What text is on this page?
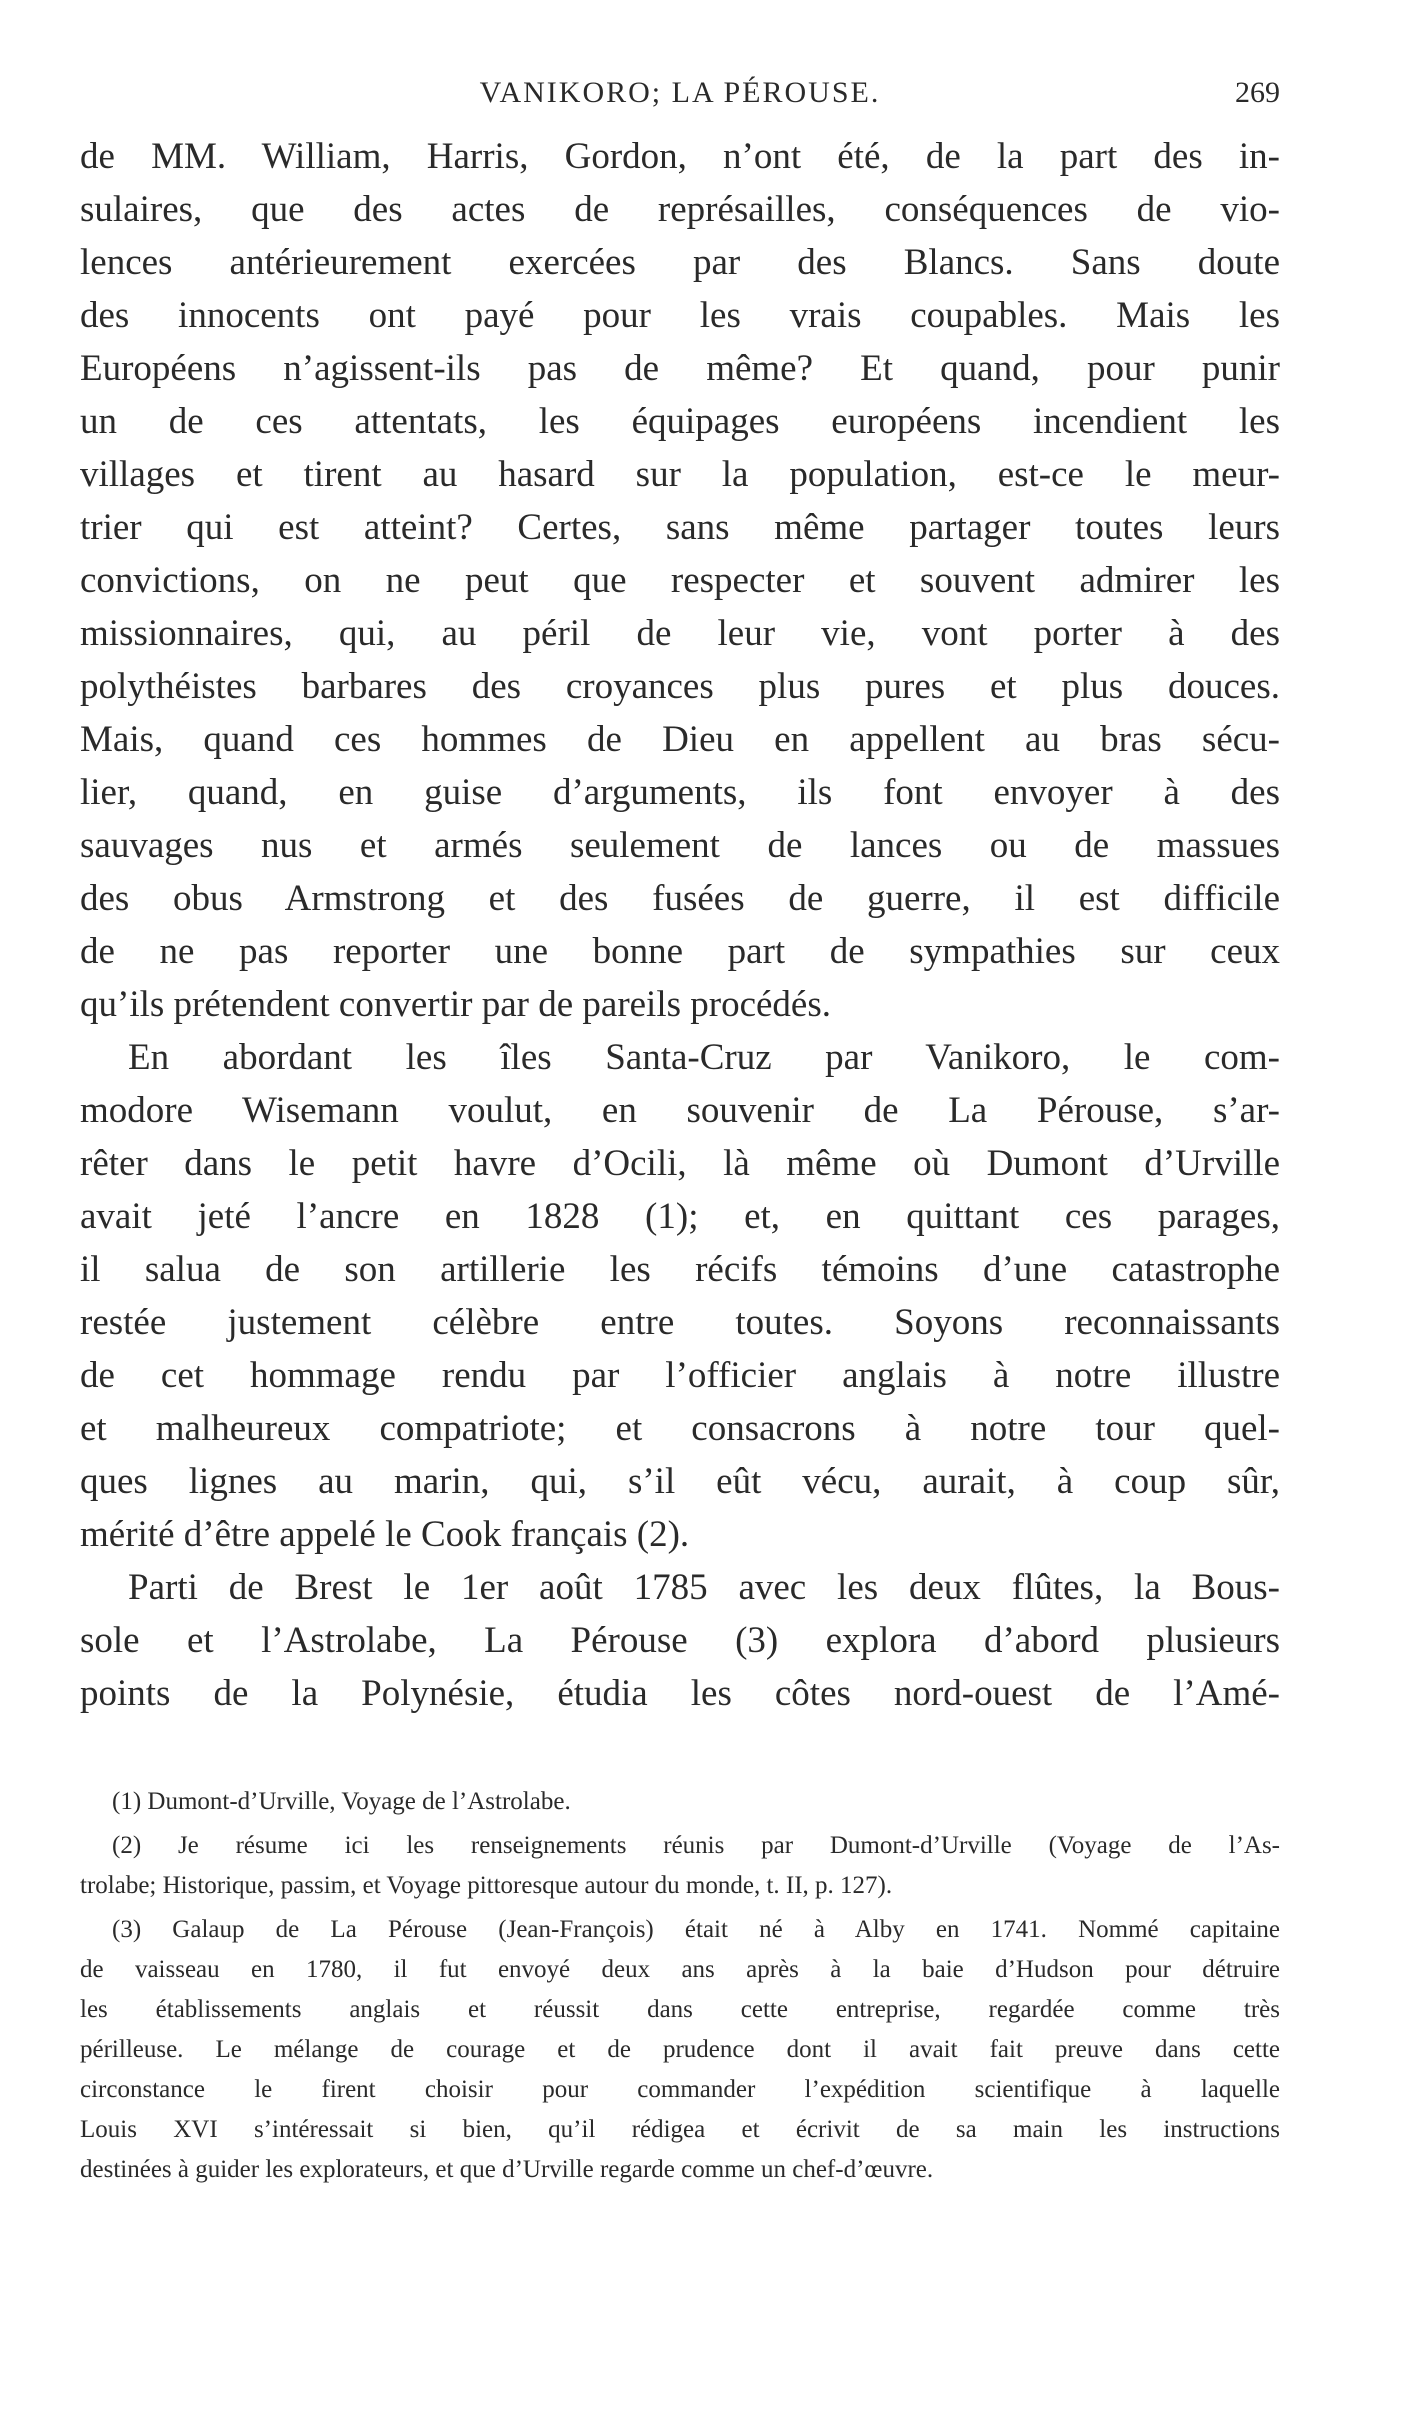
VANIKORO; LA PÉROUSE.	269
de MM. William, Harris, Gordon, n’ont été, de la part des in-
sulaires, que des actes de représailles, conséquences de vio-
lences antérieurement exercées par des Blancs. Sans doute
des innocents ont payé pour les vrais coupables. Mais les
Européens n’agissent-ils pas de même? Et quand, pour punir
un de ces attentats, les équipages européens incendient les
villages et tirent au hasard sur la population, est-ce le meur-
trier qui est atteint? Certes, sans même partager toutes leurs
convictions, on ne peut que respecter et souvent admirer les
missionnaires, qui, au péril de leur vie, vont porter à des
polythéistes barbares des croyances plus pures et plus douces.
Mais, quand ces hommes de Dieu en appellent au bras sécu-
lier, quand, en guise d’arguments, ils font envoyer à des
sauvages nus et armés seulement de lances ou de massues
des obus Armstrong et des fusées de guerre, il est difficile
de ne pas reporter une bonne part de sympathies sur ceux
qu’ils prétendent convertir par de pareils procédés.
En abordant les îles Santa-Cruz par Vanikoro, le com-
modore Wisemann voulut, en souvenir de La Pérouse, s’ar-
rêter dans le petit havre d’Ocili, là même où Dumont d’Urville
avait jeté l’ancre en 1828 (1); et, en quittant ces parages,
il salua de son artillerie les récifs témoins d’une catastrophe
restée justement célèbre entre toutes. Soyons reconnaissants
de cet hommage rendu par l’officier anglais à notre illustre
et malheureux compatriote; et consacrons à notre tour quel-
ques lignes au marin, qui, s’il eût vécu, aurait, à coup sûr,
mérité d’être appelé le Cook français (2).
Parti de Brest le 1er août 1785 avec les deux flûtes, la Bous-
sole et l’Astrolabe, La Pérouse (3) explora d’abord plusieurs
points de la Polynésie, étudia les côtes nord-ouest de l’Amé-
(1) Dumont-d’Urville, Voyage de l’Astrolabe.
(2) Je résume ici les renseignements réunis par Dumont-d’Urville (Voyage de l’As-
trolabe; Historique, passim, et Voyage pittoresque autour du monde, t. II, p. 127).
(3) Galaup de La Pérouse (Jean-François) était né à Alby en 1741. Nommé capitaine
de vaisseau en 1780, il fut envoyé deux ans après à la baie d’Hudson pour détruire
les établissements anglais et réussit dans cette entreprise, regardée comme très
périlleuse. Le mélange de courage et de prudence dont il avait fait preuve dans cette
circonstance le firent choisir pour commander l’expédition scientifique à laquelle
Louis XVI s’intéressait si bien, qu’il rédigea et écrivit de sa main les instructions
destinées à guider les explorateurs, et que d’Urville regarde comme un chef-d’œuvre.
